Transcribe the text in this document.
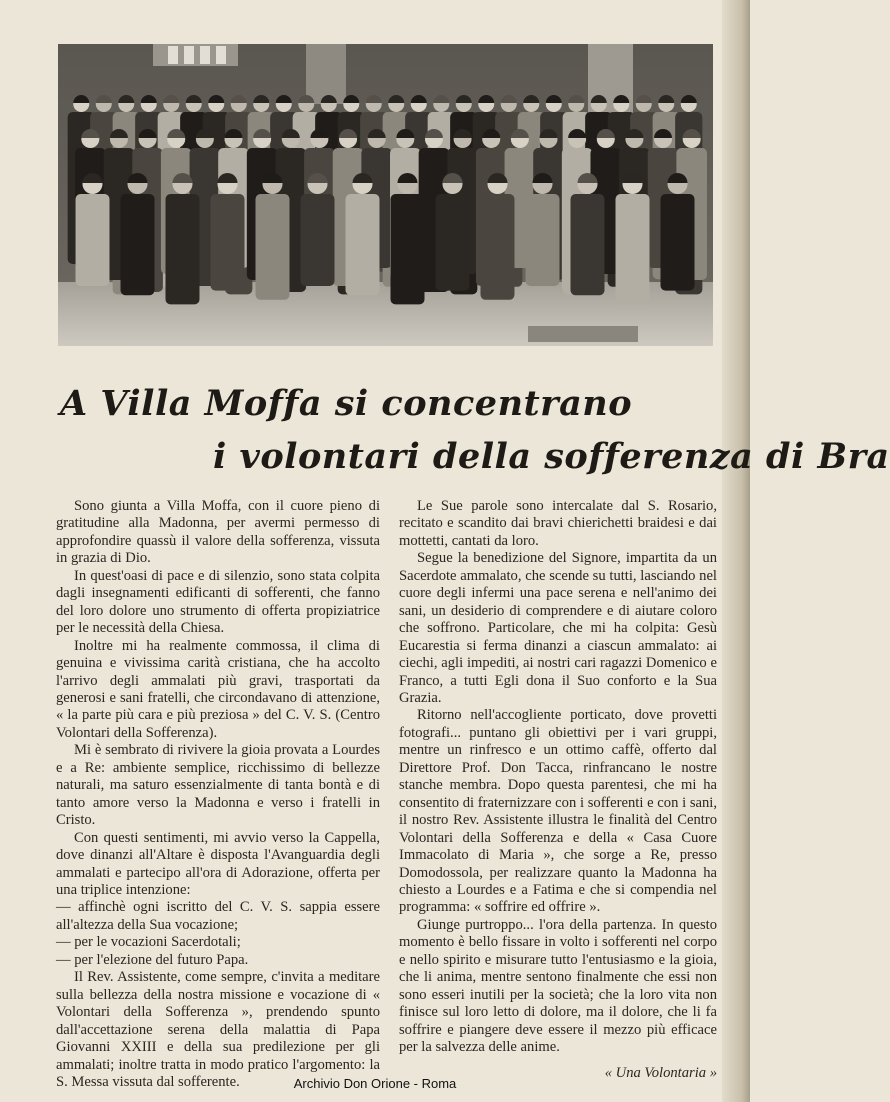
A Villa Moffa si concentrano
i volontari della sofferenza di Bra

Sono giunta a Villa Moffa, con il cuore pieno di gratitudine alla Madonna, per avermi permesso di approfondire quassù il valore della sofferenza, vissuta in grazia di Dio.

In quest'oasi di pace e di silenzio, sono stata colpita dagli insegnamenti edificanti di sofferenti, che fanno del loro dolore uno strumento di offerta propiziatrice per le necessità della Chiesa.

Inoltre mi ha realmente commossa, il clima di genuina e vivissima carità cristiana, che ha accolto l'arrivo degli ammalati più gravi, trasportati da generosi e sani fratelli, che circondavano di attenzione, « la parte più cara e più preziosa » del C. V. S. (Centro Volontari della Sofferenza).

Mi è sembrato di rivivere la gioia provata a Lourdes e a Re: ambiente semplice, ricchissimo di bellezze naturali, ma saturo essenzialmente di tanta bontà e di tanto amore verso la Madonna e verso i fratelli in Cristo.

Con questi sentimenti, mi avvio verso la Cappella, dove dinanzi all'Altare è disposta l'Avanguardia degli ammalati e partecipo all'ora di Adorazione, offerta per una triplice intenzione:

— affinchè ogni iscritto del C. V. S. sappia essere all'altezza della Sua vocazione;

— per le vocazioni Sacerdotali;

— per l'elezione del futuro Papa.

Il Rev. Assistente, come sempre, c'invita a meditare sulla bellezza della nostra missione e vocazione di « Volontari della Sofferenza », prendendo spunto dall'accettazione serena della malattia di Papa Giovanni XXIII e della sua predilezione per gli ammalati; inoltre tratta in modo pratico l'argomento: la S. Messa vissuta dal sofferente.

Le Sue parole sono intercalate dal S. Rosario, recitato e scandito dai bravi chierichetti braidesi e dai mottetti, cantati da loro.

Segue la benedizione del Signore, impartita da un Sacerdote ammalato, che scende su tutti, lasciando nel cuore degli infermi una pace serena e nell'animo dei sani, un desiderio di comprendere e di aiutare coloro che soffrono. Particolare, che mi ha colpita: Gesù Eucarestia si ferma dinanzi a ciascun ammalato: ai ciechi, agli impediti, ai nostri cari ragazzi Domenico e Franco, a tutti Egli dona il Suo conforto e la Sua Grazia.

Ritorno nell'accogliente porticato, dove provetti fotografi... puntano gli obiettivi per i vari gruppi, mentre un rinfresco e un ottimo caffè, offerto dal Direttore Prof. Don Tacca, rinfrancano le nostre stanche membra. Dopo questa parentesi, che mi ha consentito di fraternizzare con i sofferenti e con i sani, il nostro Rev. Assistente illustra le finalità del Centro Volontari della Sofferenza e della « Casa Cuore Immacolato di Maria », che sorge a Re, presso Domodossola, per realizzare quanto la Madonna ha chiesto a Lourdes e a Fatima e che si compendia nel programma: « soffrire ed offrire ».

Giunge purtroppo... l'ora della partenza. In questo momento è bello fissare in volto i sofferenti nel corpo e nello spirito e misurare tutto l'entusiasmo e la gioia, che li anima, mentre sentono finalmente che essi non sono esseri inutili per la società; che la loro vita non finisce sul loro letto di dolore, ma il dolore, che li fa soffrire e piangere deve essere il mezzo più efficace per la salvezza delle anime.

« Una Volontaria »

Archivio Don Orione - Roma
